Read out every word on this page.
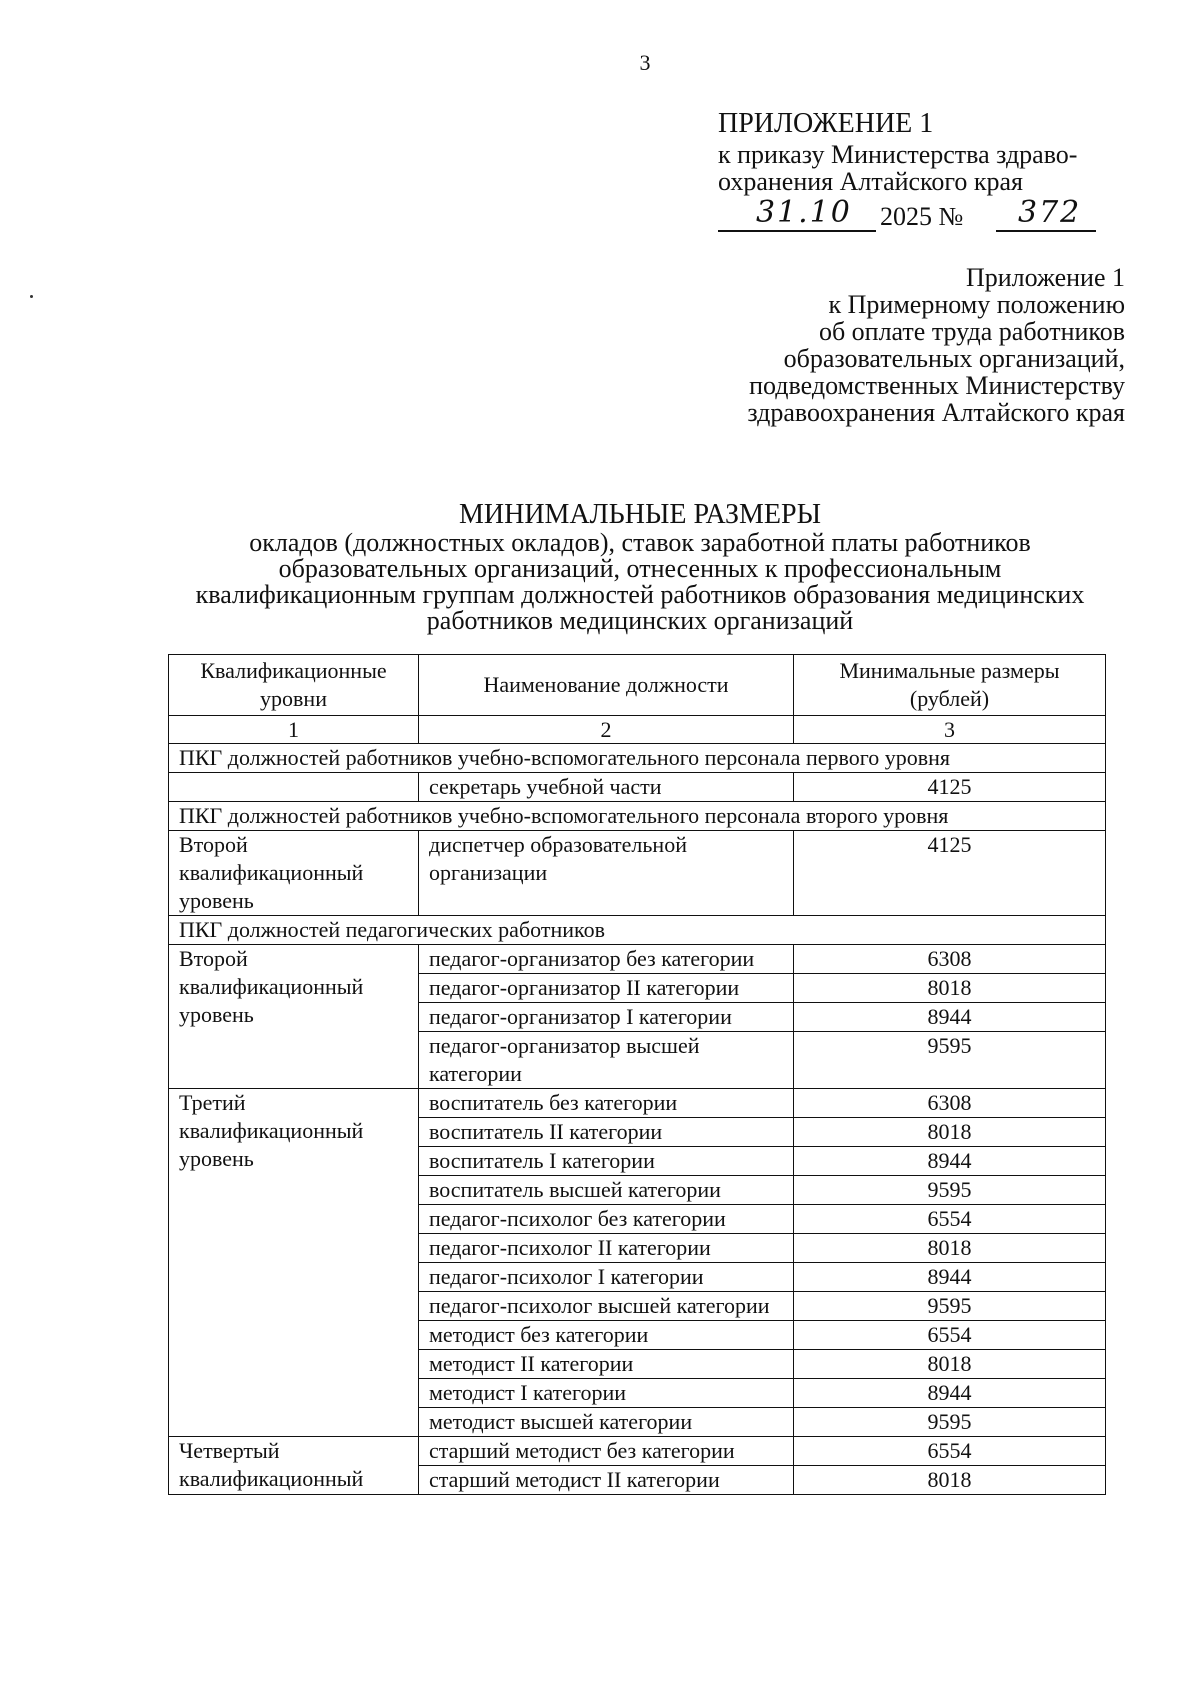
3
ПРИЛОЖЕНИЕ 1
к приказу Министерства здраво-
охранения Алтайского края
31.10 2025 № 372
Приложение 1
к Примерному положению
об оплате труда работников
образовательных организаций,
подведомственных Министерству
здравоохранения Алтайского края
МИНИМАЛЬНЫЕ РАЗМЕРЫ
окладов (должностных окладов), ставок заработной платы работников
образовательных организаций, отнесенных к профессиональным
квалификационным группам должностей работников образования медицинских
работников медицинских организаций
Квалификационные уровни	Наименование должности	Минимальные размеры (рублей)
1	2	3
ПКГ должностей работников учебно-вспомогательного персонала первого уровня		
	секретарь учебной части	4125
ПКГ должностей работников учебно-вспомогательного персонала второго уровня		
Второй квалификационный уровень	диспетчер образовательной организации	4125
ПКГ должностей педагогических работников		
Второй квалификационный уровень	педагог-организатор без категории	6308
	педагог-организатор II категории	8018
	педагог-организатор I категории	8944
	педагог-организатор высшей категории	9595
Третий квалификационный уровень	воспитатель без категории	6308
	воспитатель II категории	8018
	воспитатель I категории	8944
	воспитатель высшей категории	9595
	педагог-психолог без категории	6554
	педагог-психолог II категории	8018
	педагог-психолог I категории	8944
	педагог-психолог высшей категории	9595
	методист без категории	6554
	методист II категории	8018
	методист I категории	8944
	методист высшей категории	9595
Четвертый квалификационный	старший методист без категории	6554
	старший методист II категории	8018
